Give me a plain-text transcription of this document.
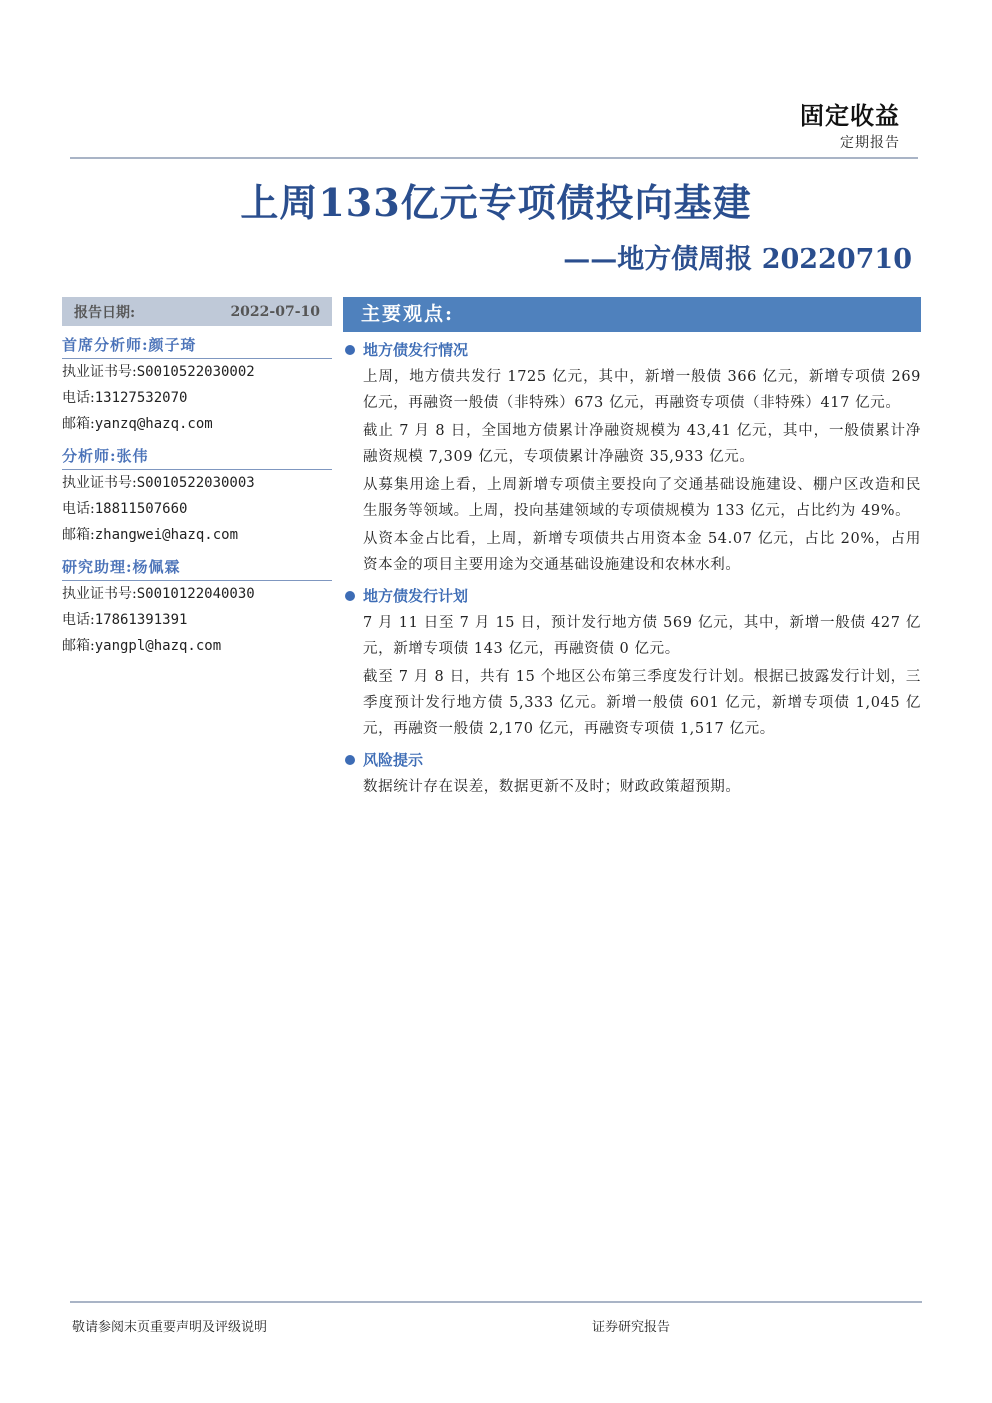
固定收益
定期报告
上周133亿元专项债投向基建
——地方债周报 20220710
报告日期:	2022-07-10
首席分析师:颜子琦
执业证书号:S0010522030002
电话:13127532070
邮箱:yanzq@hazq.com
分析师:张伟
执业证书号:S0010522030003
电话:18811507660
邮箱:zhangwei@hazq.com
研究助理:杨佩霖
执业证书号:S0010122040030
电话:17861391391
邮箱:yangpl@hazq.com
主要观点:
地方债发行情况

上周，地方债共发行 1725 亿元，其中，新增一般债 366 亿元，新增专项债 269 亿元，再融资一般债（非特殊）673 亿元，再融资专项债（非特殊）417 亿元。

截止 7 月 8 日，全国地方债累计净融资规模为 43,41 亿元，其中，一般债累计净融资规模 7,309 亿元，专项债累计净融资 35,933 亿元。

从募集用途上看，上周新增专项债主要投向了交通基础设施建设、棚户区改造和民生服务等领域。上周，投向基建领域的专项债规模为 133 亿元，占比约为 49%。

从资本金占比看，上周，新增专项债共占用资本金 54.07 亿元，占比 20%，占用资本金的项目主要用途为交通基础设施建设和农林水利。

地方债发行计划

7 月 11 日至 7 月 15 日，预计发行地方债 569 亿元，其中，新增一般债 427 亿元，新增专项债 143 亿元，再融资债 0 亿元。

截至 7 月 8 日，共有 15 个地区公布第三季度发行计划。根据已披露发行计划，三季度预计发行地方债 5,333 亿元。新增一般债 601 亿元，新增专项债 1,045 亿元，再融资一般债 2,170 亿元，再融资专项债 1,517 亿元。

风险提示

数据统计存在误差，数据更新不及时；财政政策超预期。

敬请参阅末页重要声明及评级说明	证券研究报告
